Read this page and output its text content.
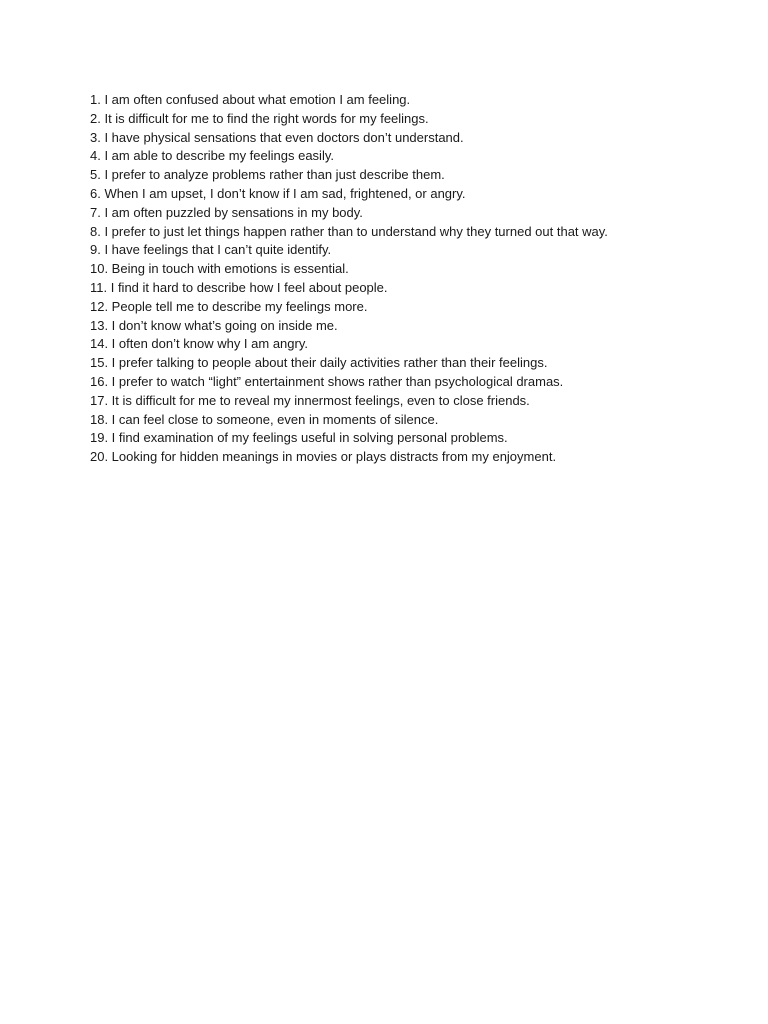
1. I am often confused about what emotion I am feeling.
2. It is difficult for me to find the right words for my feelings.
3. I have physical sensations that even doctors don’t understand.
4. I am able to describe my feelings easily.
5. I prefer to analyze problems rather than just describe them.
6. When I am upset, I don’t know if I am sad, frightened, or angry.
7. I am often puzzled by sensations in my body.
8. I prefer to just let things happen rather than to understand why they turned out that way.
9. I have feelings that I can’t quite identify.
10. Being in touch with emotions is essential.
11. I find it hard to describe how I feel about people.
12. People tell me to describe my feelings more.
13. I don’t know what’s going on inside me.
14. I often don’t know why I am angry.
15. I prefer talking to people about their daily activities rather than their feelings.
16. I prefer to watch “light” entertainment shows rather than psychological dramas.
17. It is difficult for me to reveal my innermost feelings, even to close friends.
18. I can feel close to someone, even in moments of silence.
19. I find examination of my feelings useful in solving personal problems.
20. Looking for hidden meanings in movies or plays distracts from my enjoyment.
